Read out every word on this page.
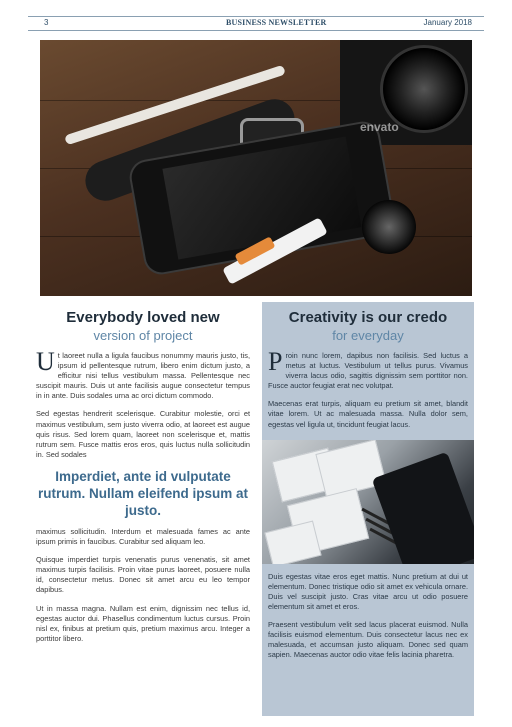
3	BUSINESS NEWSLETTER	January 2018
envato
Everybody loved new
version of project

Ut laoreet nulla a ligula faucibus nonummy mauris justo, tis, ipsum id pellentesque rutrum, libero enim dictum justo, a efficitur nisi tellus vestibulum massa. Pellentesque nec suscipit mauris. Duis ut ante facilisis augue consectetur tempus in in ante. Duis sodales urna ac orci dictum commodo.

Sed egestas hendrerit scelerisque. Curabitur molestie, orci et maximus vestibulum, sem justo viverra odio, at laoreet est augue quis risus. Sed lorem quam, laoreet non scelerisque et, mattis rutrum sem. Fusce mattis eros eros, quis luctus nulla sollicitudin in. Sed sodales

Imperdiet, ante id vulputate rutrum. Nullam eleifend ipsum at justo.

maximus sollicitudin. Interdum et malesuada fames ac ante ipsum primis in faucibus. Curabitur sed aliquam leo.

Quisque imperdiet turpis venenatis purus venenatis, sit amet maximus turpis facilisis. Proin vitae purus laoreet, posuere nulla id, consectetur metus. Donec sit amet arcu eu leo tempor dapibus.

Ut in massa magna. Nullam est enim, dignissim nec tellus id, egestas auctor dui. Phasellus condimentum luctus cursus. Proin nisl ex, finibus at pretium quis, pretium maximus arcu. Integer a porttitor libero.

Creativity is our credo
for everyday

Proin nunc lorem, dapibus non facilisis. Sed luctus a metus at luctus. Vestibulum ut tellus purus. Vivamus viverra lacus odio, sagittis dignissim sem porttitor non. Fusce auctor feugiat erat nec volutpat.

Maecenas erat turpis, aliquam eu pretium sit amet, blandit vitae lorem. Ut ac malesuada massa. Nulla dolor sem, egestas vel ligula ut, tincidunt feugiat lacus.

Duis egestas vitae eros eget mattis. Nunc pretium at dui ut elementum. Donec tristique odio sit amet ex vehicula ornare. Duis vel suscipit justo. Cras vitae arcu ut odio posuere elementum sit amet et eros.

Praesent vestibulum velit sed lacus placerat euismod. Nulla facilisis euismod elementum. Duis consectetur lacus nec ex malesuada, et accumsan justo aliquam. Donec sed quam sapien. Maecenas auctor odio vitae felis lacinia pharetra.
